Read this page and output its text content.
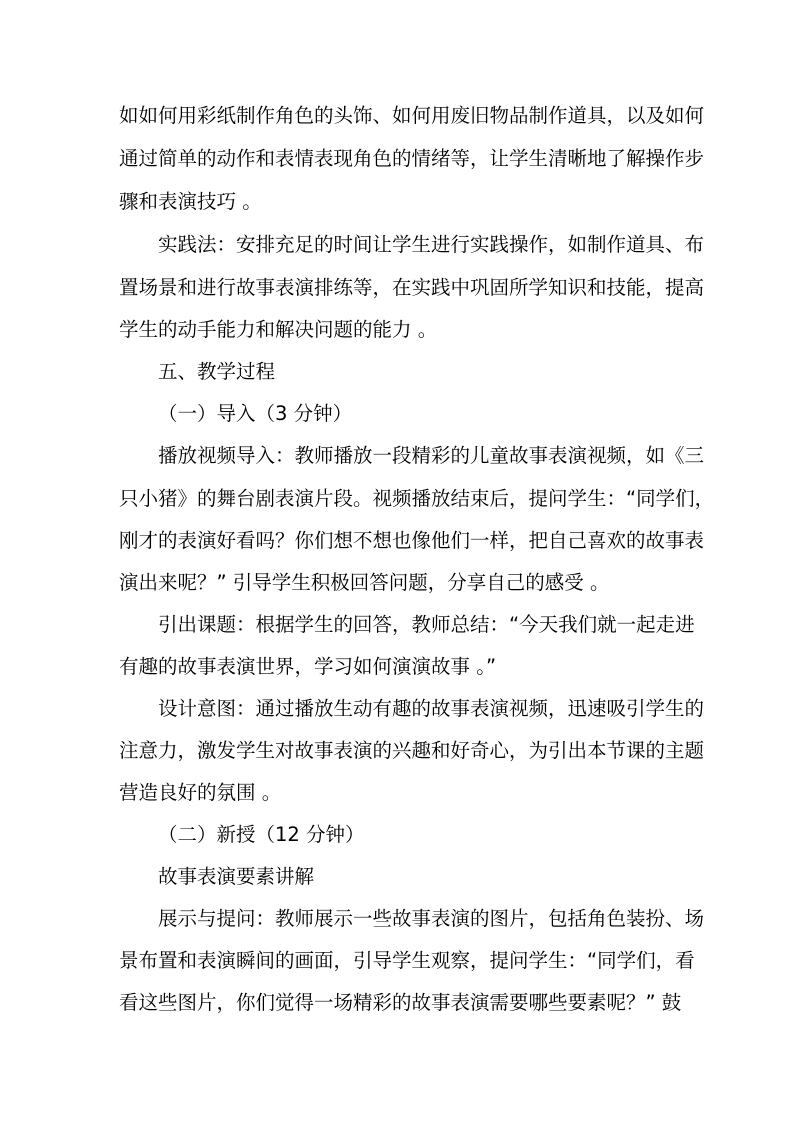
如如何用彩纸制作角色的头饰、如何用废旧物品制作道具，以及如何
通过简单的动作和表情表现角色的情绪等，让学生清晰地了解操作步
骤和表演技巧 。
实践法：安排充足的时间让学生进行实践操作，如制作道具、布
置场景和进行故事表演排练等，在实践中巩固所学知识和技能，提高
学生的动手能力和解决问题的能力 。
五、教学过程
（一）导入（3 分钟）
播放视频导入：教师播放一段精彩的儿童故事表演视频，如《三
只小猪》的舞台剧表演片段。视频播放结束后，提问学生：“同学们，
刚才的表演好看吗？你们想不想也像他们一样，把自己喜欢的故事表
演出来呢？” 引导学生积极回答问题，分享自己的感受 。
引出课题：根据学生的回答，教师总结：“今天我们就一起走进
有趣的故事表演世界，学习如何演演故事 。”
设计意图：通过播放生动有趣的故事表演视频，迅速吸引学生的
注意力，激发学生对故事表演的兴趣和好奇心，为引出本节课的主题
营造良好的氛围 。
（二）新授（12 分钟）
故事表演要素讲解
展示与提问：教师展示一些故事表演的图片，包括角色装扮、场
景布置和表演瞬间的画面，引导学生观察，提问学生：“同学们，看
看这些图片，你们觉得一场精彩的故事表演需要哪些要素呢？” 鼓
